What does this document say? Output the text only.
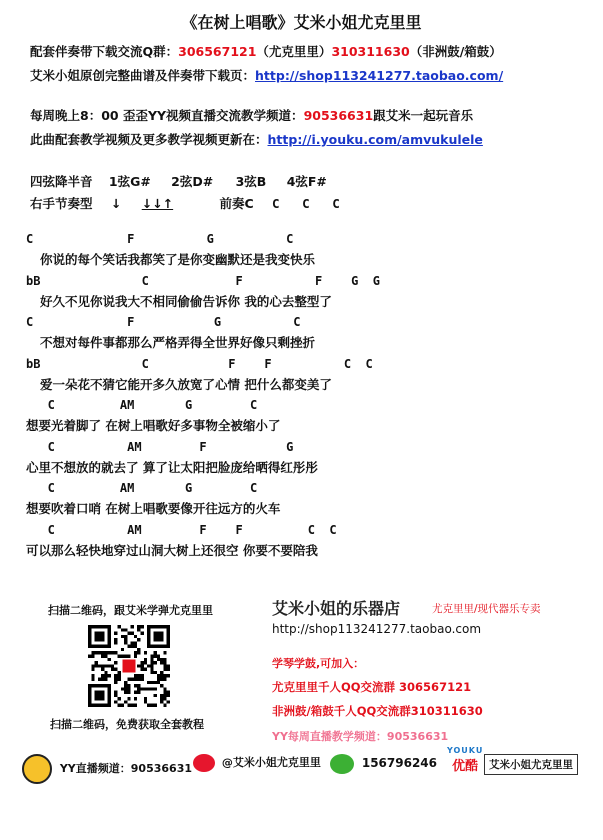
《在树上唱歌》艾米小姐尤克里里
配套伴奏带下载交流Q群：306567121（尤克里里）310311630（非洲鼓/箱鼓）
艾米小姐原创完整曲谱及伴奏带下载页：http://shop113241277.taobao.com/
每周晚上8：00 歪歪YY视频直播交流教学频道：90536631跟艾米一起玩音乐
此曲配套教学视频及更多教学视频更新在：http://i.youku.com/amvukulele
四弦降半音 1弦G# 2弦D# 3弦B 4弦F#
右手节奏型 ↓ ↓↓↑	前奏C C   C   C
C             F          G          C
你说的每个笑话我都笑了是你变幽默还是我变快乐
bB              C            F          F    G  G
好久不见你说我大不相同偷偷告诉你 我的心去整型了
C             F           G          C
不想对每件事都那么严格弄得全世界好像只剩挫折
bB              C           F    F          C  C
爱一朵花不猜它能开多久放宽了心情 把什么都变美了
C         AM       G        C
想要光着脚了 在树上唱歌好多事物全被缩小了
C          AM        F           G
心里不想放的就去了 算了让太阳把脸庞给晒得红彤彤
C         AM       G        C
想要吹着口哨 在树上唱歌要像开往远方的火车
C          AM        F    F         C  C
可以那么轻快地穿过山洞大树上还很空 你要不要陪我
扫描二维码，跟艾米学弹尤克里里
扫描二维码，免费获取全套教程
艾米小姐的乐器店	尤克里里/现代器乐专卖
http://shop113241277.taobao.com
学琴学鼓,可加入：
尤克里里千人QQ交流群 306567121
非洲鼓/箱鼓千人QQ交流群310311630
YY每周直播教学频道：90536631
YY直播频道：90536631	@艾米小姐尤克里里	156796246
YOUKU
优酷	艾米小姐尤克里里
